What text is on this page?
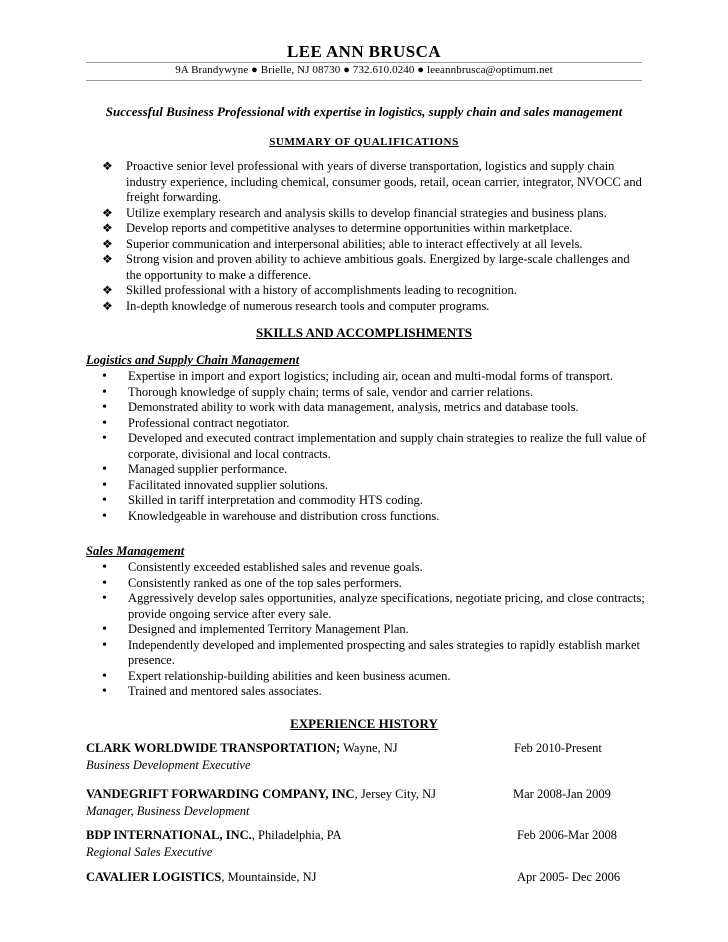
LEE ANN BRUSCA
9A Brandywyne ● Brielle, NJ 08730 ● 732.610.0240 ● leeannbrusca@optimum.net
Successful Business Professional with expertise in logistics, supply chain and sales management
SUMMARY OF QUALIFICATIONS
❖ Proactive senior level professional with years of diverse transportation, logistics and supply chain industry experience, including chemical, consumer goods, retail, ocean carrier, integrator, NVOCC and freight forwarding.
❖ Utilize exemplary research and analysis skills to develop financial strategies and business plans.
❖ Develop reports and competitive analyses to determine opportunities within marketplace.
❖ Superior communication and interpersonal abilities; able to interact effectively at all levels.
❖ Strong vision and proven ability to achieve ambitious goals. Energized by large-scale challenges and the opportunity to make a difference.
❖ Skilled professional with a history of accomplishments leading to recognition.
❖ In-depth knowledge of numerous research tools and computer programs.
SKILLS AND ACCOMPLISHMENTS
Logistics and Supply Chain Management
• Expertise in import and export logistics; including air, ocean and multi-modal forms of transport.
• Thorough knowledge of supply chain; terms of sale, vendor and carrier relations.
• Demonstrated ability to work with data management, analysis, metrics and database tools.
• Professional contract negotiator.
• Developed and executed contract implementation and supply chain strategies to realize the full value of corporate, divisional and local contracts.
• Managed supplier performance.
• Facilitated innovated supplier solutions.
• Skilled in tariff interpretation and commodity HTS coding.
• Knowledgeable in warehouse and distribution cross functions.
Sales Management
• Consistently exceeded established sales and revenue goals.
• Consistently ranked as one of the top sales performers.
• Aggressively develop sales opportunities, analyze specifications, negotiate pricing, and close contracts; provide ongoing service after every sale.
• Designed and implemented Territory Management Plan.
• Independently developed and implemented prospecting and sales strategies to rapidly establish market presence.
• Expert relationship-building abilities and keen business acumen.
• Trained and mentored sales associates.
EXPERIENCE HISTORY
CLARK WORLDWIDE TRANSPORTATION; Wayne, NJ	Feb 2010-Present
Business Development Executive
VANDEGRIFT FORWARDING COMPANY, INC, Jersey City, NJ	Mar 2008-Jan 2009
Manager, Business Development
BDP INTERNATIONAL, INC., Philadelphia, PA	Feb 2006-Mar 2008
Regional Sales Executive
CAVALIER LOGISTICS, Mountainside, NJ	Apr 2005- Dec 2006
